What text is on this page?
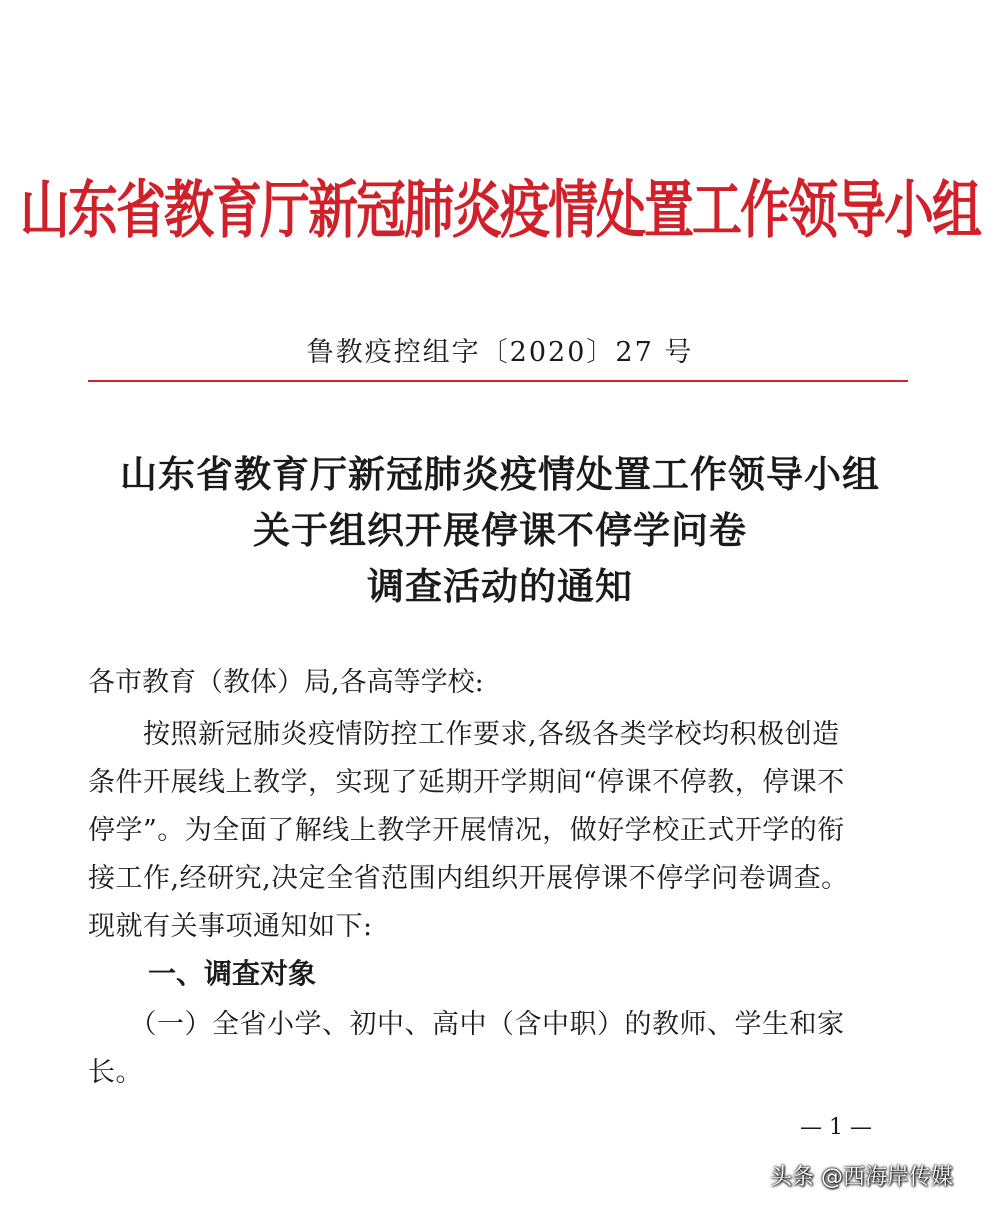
山东省教育厅新冠肺炎疫情处置工作领导小组
鲁教疫控组字〔2020〕27 号
山东省教育厅新冠肺炎疫情处置工作领导小组
关于组织开展停课不停学问卷
调查活动的通知
各市教育（教体）局,各高等学校:
　　按照新冠肺炎疫情防控工作要求,各级各类学校均积极创造
条件开展线上教学，实现了延期开学期间“停课不停教，停课不
停学”。为全面了解线上教学开展情况，做好学校正式开学的衔
接工作,经研究,决定全省范围内组织开展停课不停学问卷调查。
现就有关事项通知如下:
一、调查对象
　　（一）全省小学、初中、高中（含中职）的教师、学生和家
长。
— 1 —
头条 @西海岸传媒
